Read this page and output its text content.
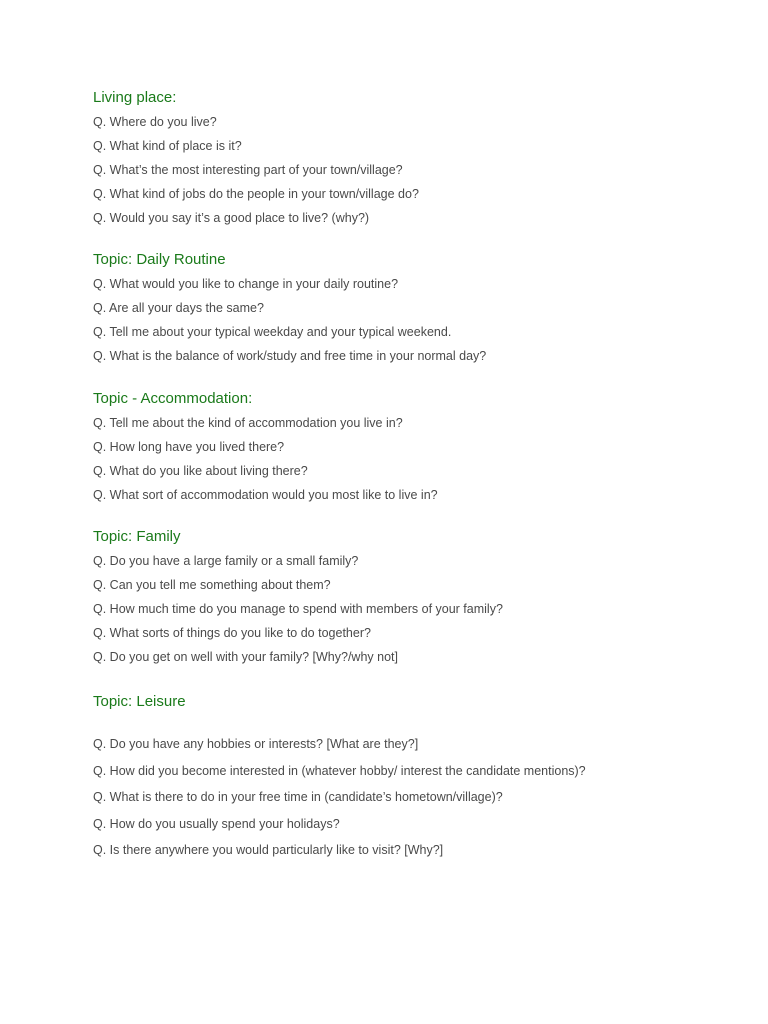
Living place:

Q. Where do you live?

Q. What kind of place is it?

Q. What’s the most interesting part of your town/village?

Q. What kind of jobs do the people in your town/village do?

Q. Would you say it’s a good place to live? (why?)

Topic: Daily Routine

Q. What would you like to change in your daily routine?

Q. Are all your days the same?

Q. Tell me about your typical weekday and your typical weekend.

Q. What is the balance of work/study and free time in your normal day?

Topic - Accommodation:

Q. Tell me about the kind of accommodation you live in?

Q. How long have you lived there?

Q. What do you like about living there?

Q. What sort of accommodation would you most like to live in?

Topic: Family

Q. Do you have a large family or a small family?

Q. Can you tell me something about them?

Q. How much time do you manage to spend with members of your family?

Q. What sorts of things do you like to do together?

Q. Do you get on well with your family? [Why?/why not]

Topic: Leisure

Q. Do you have any hobbies or interests? [What are they?]

Q. How did you become interested in (whatever hobby/ interest the candidate mentions)?

Q. What is there to do in your free time in (candidate’s hometown/village)?

Q. How do you usually spend your holidays?

Q. Is there anywhere you would particularly like to visit? [Why?]
